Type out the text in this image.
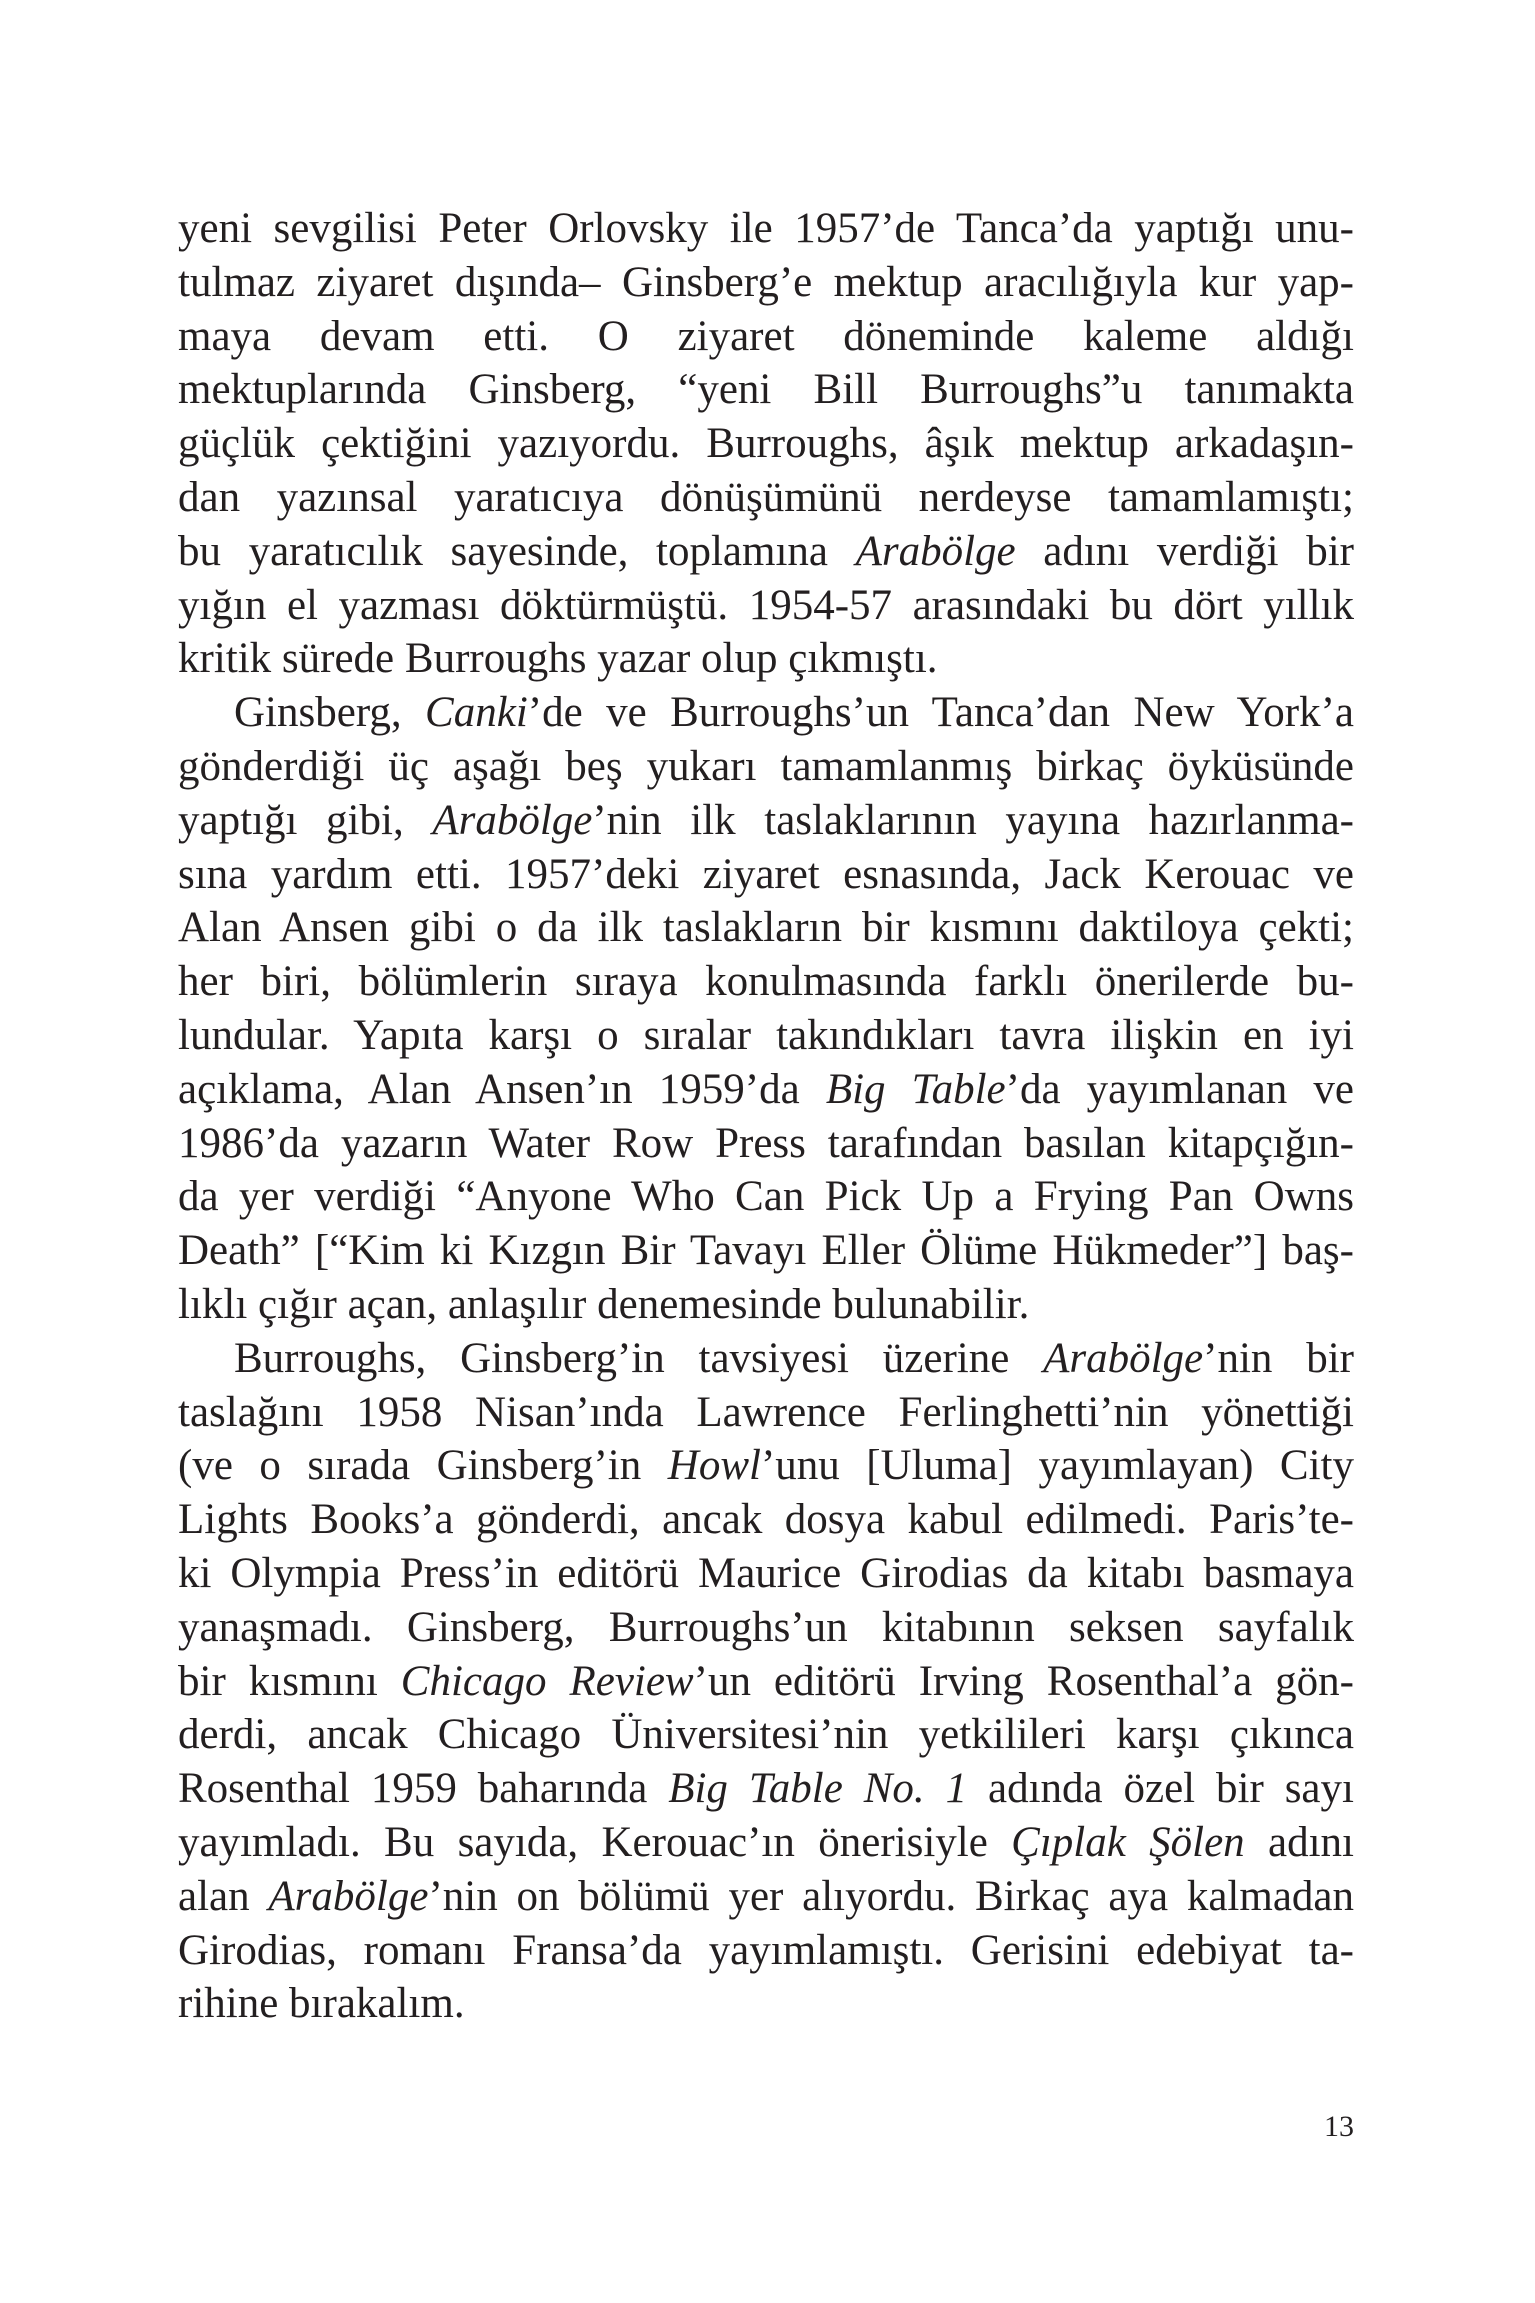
yeni sevgilisi Peter Orlovsky ile 1957’de Tanca’da yaptığı unu-
tulmaz ziyaret dışında– Ginsberg’e mektup aracılığıyla kur yap-
maya devam etti. O ziyaret döneminde kaleme aldığı
mektuplarında Ginsberg, “yeni Bill Burroughs”u tanımakta
güçlük çektiğini yazıyordu. Burroughs, âşık mektup arkadaşın-
dan yazınsal yaratıcıya dönüşümünü nerdeyse tamamlamıştı;
bu yaratıcılık sayesinde, toplamına Arabölge adını verdiği bir
yığın el yazması döktürmüştü. 1954-57 arasındaki bu dört yıllık
kritik sürede Burroughs yazar olup çıkmıştı.
Ginsberg, Canki’de ve Burroughs’un Tanca’dan New York’a
gönderdiği üç aşağı beş yukarı tamamlanmış birkaç öyküsünde
yaptığı gibi, Arabölge’nin ilk taslaklarının yayına hazırlanma-
sına yardım etti. 1957’deki ziyaret esnasında, Jack Kerouac ve
Alan Ansen gibi o da ilk taslakların bir kısmını daktiloya çekti;
her biri, bölümlerin sıraya konulmasında farklı önerilerde bu-
lundular. Yapıta karşı o sıralar takındıkları tavra ilişkin en iyi
açıklama, Alan Ansen’ın 1959’da Big Table’da yayımlanan ve
1986’da yazarın Water Row Press tarafından basılan kitapçığın-
da yer verdiği “Anyone Who Can Pick Up a Frying Pan Owns
Death” [“Kim ki Kızgın Bir Tavayı Eller Ölüme Hükmeder”] baş-
lıklı çığır açan, anlaşılır denemesinde bulunabilir.
Burroughs, Ginsberg’in tavsiyesi üzerine Arabölge’nin bir
taslağını 1958 Nisan’ında Lawrence Ferlinghetti’nin yönettiği
(ve o sırada Ginsberg’in Howl’unu [Uluma] yayımlayan) City
Lights Books’a gönderdi, ancak dosya kabul edilmedi. Paris’te-
ki Olympia Press’in editörü Maurice Girodias da kitabı basmaya
yanaşmadı. Ginsberg, Burroughs’un kitabının seksen sayfalık
bir kısmını Chicago Review’un editörü Irving Rosenthal’a gön-
derdi, ancak Chicago Üniversitesi’nin yetkilileri karşı çıkınca
Rosenthal 1959 baharında Big Table No. 1 adında özel bir sayı
yayımladı. Bu sayıda, Kerouac’ın önerisiyle Çıplak Şölen adını
alan Arabölge’nin on bölümü yer alıyordu. Birkaç aya kalmadan
Girodias, romanı Fransa’da yayımlamıştı. Gerisini edebiyat ta-
rihine bırakalım.
13
